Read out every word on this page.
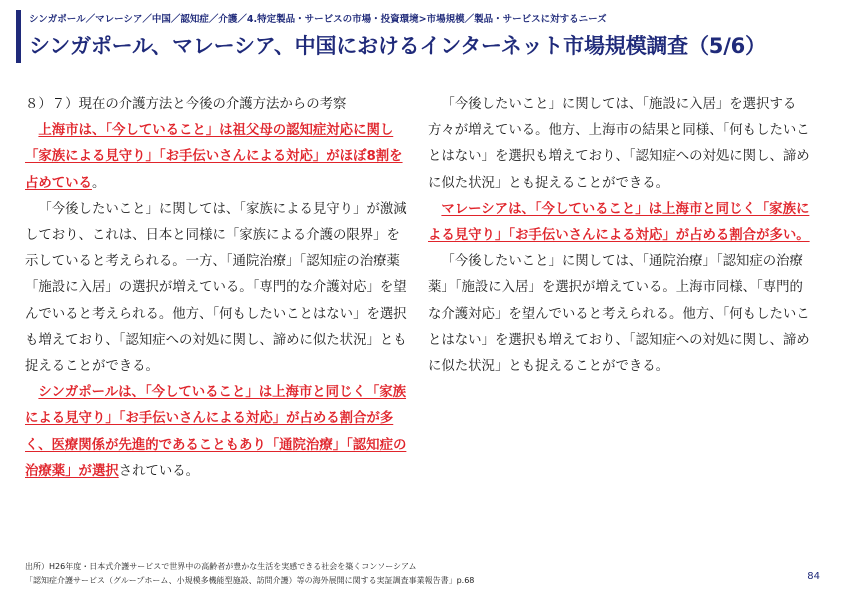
シンガポール／マレーシア／中国／認知症／介護／4.特定製品・サービスの市場・投資環境>市場規模／製品・サービスに対するニーズ
シンガポール、マレーシア、中国におけるインターネット市場規模調査（5/6）

８）７）現在の介護方法と今後の介護方法からの考察

上海市は、「今していること」は祖父母の認知症対応に関し「家族による見守り」「お手伝いさんによる対応」がほぼ8割を占めている。

「今後したいこと」に関しては、「家族による見守り」が激減しており、これは、日本と同様に「家族による介護の限界」を示していると考えられる。一方、「通院治療」「認知症の治療薬「施設に入居」の選択が増えている。「専門的な介護対応」を望んでいると考えられる。他方、「何もしたいことはない」を選択も増えており、「認知症への対処に関し、諦めに似た状況」とも捉えることができる。

シンガポールは、「今していること」は上海市と同じく「家族による見守り」「お手伝いさんによる対応」が占める割合が多く、医療関係が先進的であることもあり「通院治療」「認知症の治療薬」が選択されている。

「今後したいこと」に関しては、「施設に入居」を選択する方々が増えている。他方、上海市の結果と同様、「何もしたいことはない」を選択も増えており、「認知症への対処に関し、諦めに似た状況」とも捉えることができる。

マレーシアは、「今していること」は上海市と同じく「家族による見守り」「お手伝いさんによる対応」が占める割合が多い。

「今後したいこと」に関しては、「通院治療」「認知症の治療薬」「施設に入居」を選択が増えている。上海市同様、「専門的な介護対応」を望んでいると考えられる。他方、「何もしたいことはない」を選択も増えており、「認知症への対処に関し、諦めに似た状況」とも捉えることができる。

出所）H26年度・日本式介護サービスで世界中の高齢者が豊かな生活を実感できる社会を築くコンソーシアム
「認知症介護サービス（グループホーム、小規模多機能型施設、訪問介護）等の海外展開に関する実証調査事業報告書」p.68	84
